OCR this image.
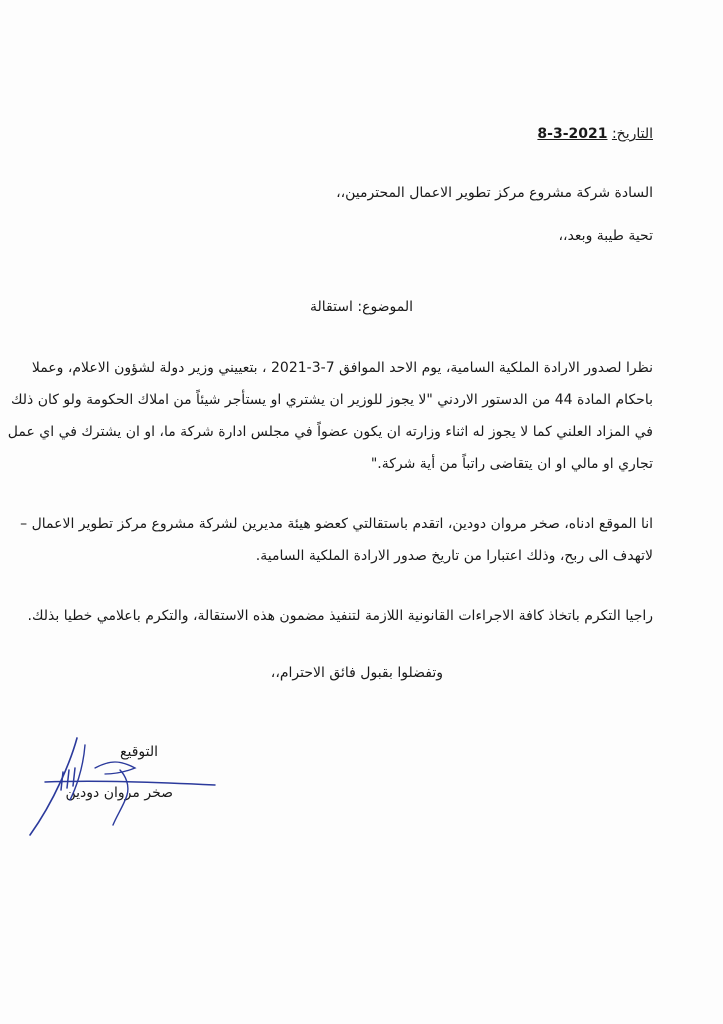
التاريخ: 8-3-2021
السادة شركة مشروع مركز تطوير الاعمال المحترمين،،
تحية طيبة وبعد،،
الموضوع: استقالة
نظرا لصدور الارادة الملكية السامية، يوم الاحد الموافق 7-3-2021 ، بتعييني وزير دولة لشؤون الاعلام، وعملا
باحكام المادة 44 من الدستور الاردني "لا يجوز للوزير ان يشتري او يستأجر شيئاً من املاك الحكومة ولو كان ذلك
في المزاد العلني كما لا يجوز له اثناء وزارته ان يكون عضواً في مجلس ادارة شركة ما، او ان يشترك في اي عمل
تجاري او مالي او ان يتقاضى راتباً من أية شركة."
انا الموقع ادناه، صخر مروان دودين، اتقدم باستقالتي كعضو هيئة مديرين لشركة مشروع مركز تطوير الاعمال –
لاتهدف الى ربح، وذلك اعتبارا من تاريخ صدور الارادة الملكية السامية.
راجيا التكرم باتخاذ كافة الاجراءات القانونية اللازمة لتنفيذ مضمون هذه الاستقالة، والتكرم باعلامي خطيا بذلك.
وتفضلوا بقبول فائق الاحترام،،
التوقيع
صخر مروان دودين
